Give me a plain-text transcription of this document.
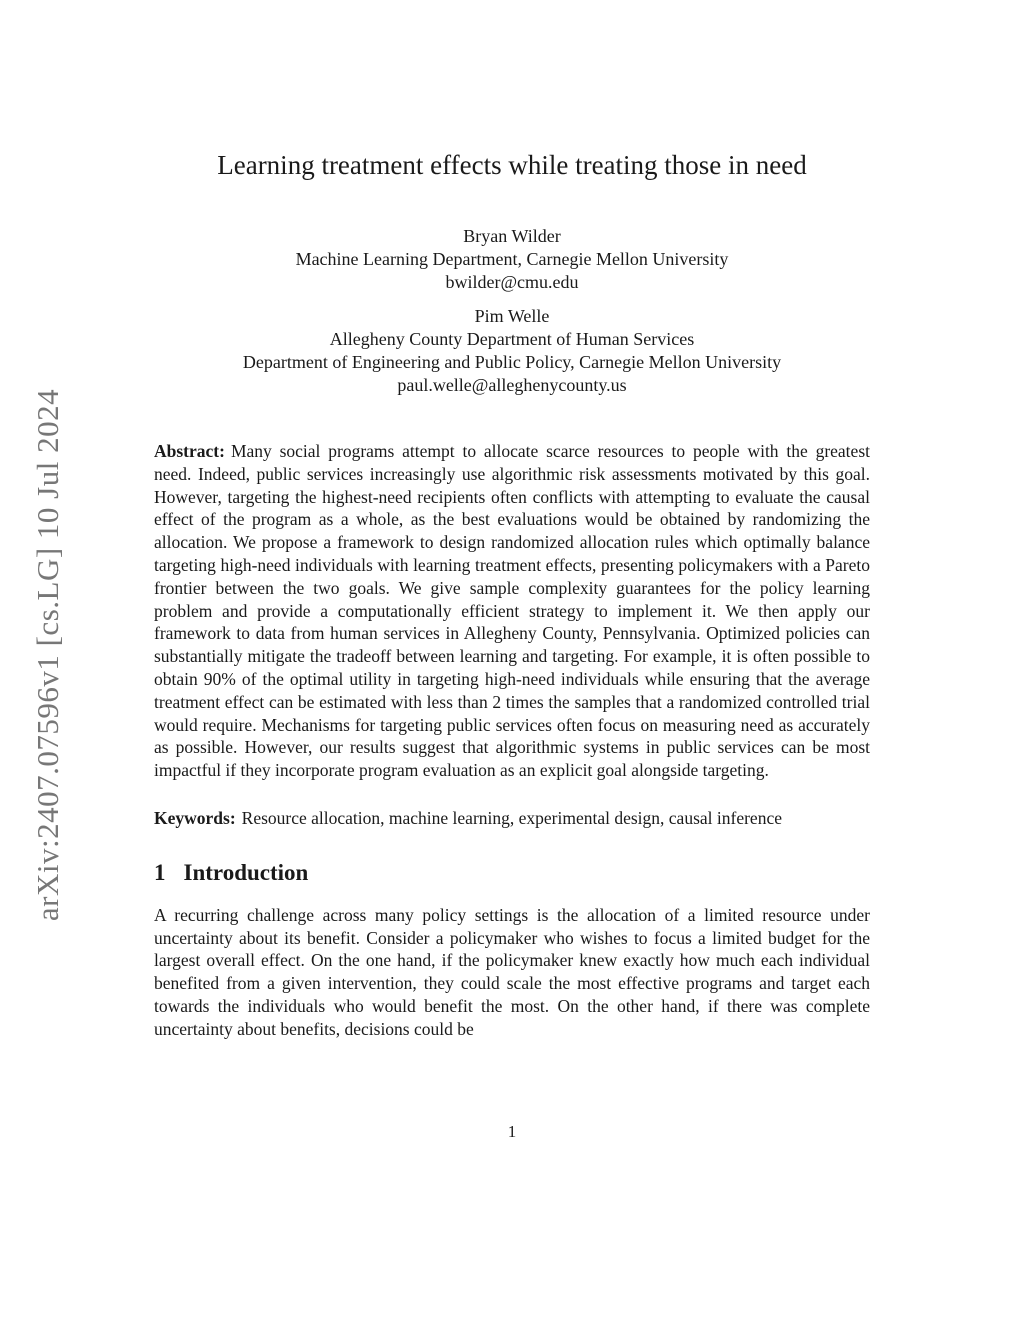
arXiv:2407.07596v1 [cs.LG] 10 Jul 2024
Learning treatment effects while treating those in need
Bryan Wilder
Machine Learning Department, Carnegie Mellon University
bwilder@cmu.edu
Pim Welle
Allegheny County Department of Human Services
Department of Engineering and Public Policy, Carnegie Mellon University
paul.welle@alleghenycounty.us

Abstract: Many social programs attempt to allocate scarce resources to people with the greatest need. Indeed, public services increasingly use algorithmic risk assessments motivated by this goal. However, targeting the highest-need recipients often conflicts with attempting to evaluate the causal effect of the program as a whole, as the best evaluations would be obtained by randomizing the allocation. We propose a framework to design randomized allocation rules which optimally balance targeting high-need individuals with learning treatment effects, presenting policymakers with a Pareto frontier between the two goals. We give sample complexity guarantees for the policy learning problem and provide a computationally efficient strategy to implement it. We then apply our framework to data from human services in Allegheny County, Pennsylvania. Optimized policies can substantially mitigate the tradeoff between learning and targeting. For example, it is often possible to obtain 90% of the optimal utility in targeting high-need individuals while ensuring that the average treatment effect can be estimated with less than 2 times the samples that a randomized controlled trial would require. Mechanisms for targeting public services often focus on measuring need as accurately as possible. However, our results suggest that algorithmic systems in public services can be most impactful if they incorporate program evaluation as an explicit goal alongside targeting.

Keywords: Resource allocation, machine learning, experimental design, causal inference

1 Introduction

A recurring challenge across many policy settings is the allocation of a limited resource under uncertainty about its benefit. Consider a policymaker who wishes to focus a limited budget for the largest overall effect. On the one hand, if the policymaker knew exactly how much each individual benefited from a given intervention, they could scale the most effective programs and target each towards the individuals who would benefit the most. On the other hand, if there was complete uncertainty about benefits, decisions could be

1
